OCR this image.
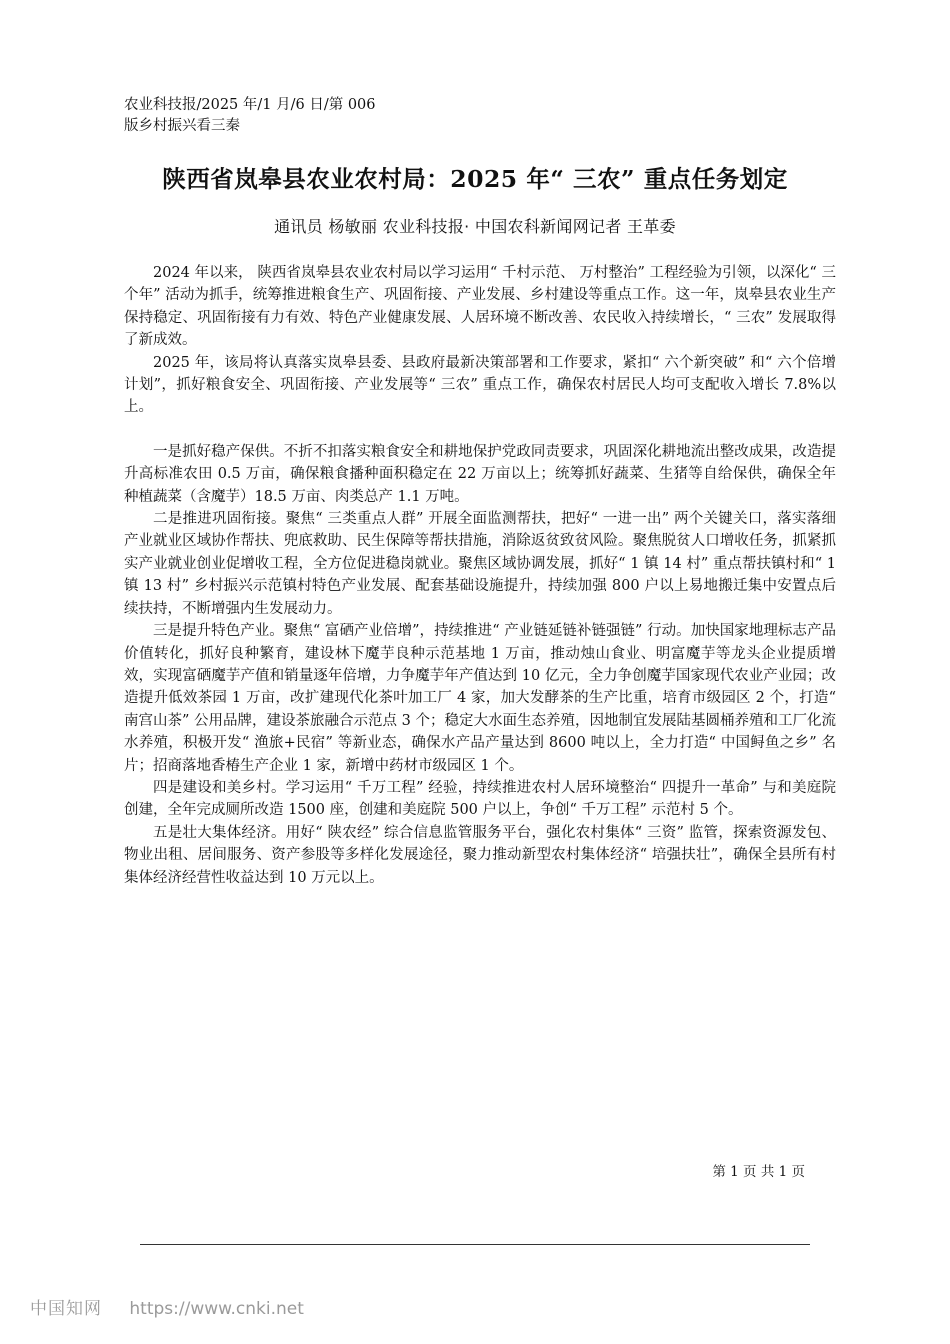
农业科技报/2025 年/1 月/6 日/第 006
版乡村振兴看三秦
陕西省岚皋县农业农村局：2025 年“ 三农” 重点任务划定
通讯员 杨敏丽 农业科技报· 中国农科新闻网记者 王革委

2024 年以来， 陕西省岚皋县农业农村局以学习运用“ 千村示范、 万村整治” 工程经验为引领，以深化“ 三个年” 活动为抓手，统筹推进粮食生产、巩固衔接、产业发展、乡村建设等重点工作。这一年，岚皋县农业生产保持稳定、巩固衔接有力有效、特色产业健康发展、人居环境不断改善、农民收入持续增长，“ 三农” 发展取得了新成效。

2025 年，该局将认真落实岚皋县委、县政府最新决策部署和工作要求，紧扣“ 六个新突破” 和“ 六个倍增计划”，抓好粮食安全、巩固衔接、产业发展等“ 三农” 重点工作，确保农村居民人均可支配收入增长 7.8%以上。

一是抓好稳产保供。不折不扣落实粮食安全和耕地保护党政同责要求，巩固深化耕地流出整改成果，改造提升高标准农田 0.5 万亩，确保粮食播种面积稳定在 22 万亩以上；统筹抓好蔬菜、生猪等自给保供，确保全年种植蔬菜（含魔芋）18.5 万亩、肉类总产 1.1 万吨。

二是推进巩固衔接。聚焦“ 三类重点人群” 开展全面监测帮扶，把好“ 一进一出” 两个关键关口，落实落细产业就业区域协作帮扶、兜底救助、民生保障等帮扶措施，消除返贫致贫风险。聚焦脱贫人口增收任务，抓紧抓实产业就业创业促增收工程，全方位促进稳岗就业。聚焦区域协调发展，抓好“ 1 镇 14 村” 重点帮扶镇村和“ 1 镇 13 村” 乡村振兴示范镇村特色产业发展、配套基础设施提升，持续加强 800 户以上易地搬迁集中安置点后续扶持，不断增强内生发展动力。

三是提升特色产业。聚焦“ 富硒产业倍增”，持续推进“ 产业链延链补链强链” 行动。加快国家地理标志产品价值转化，抓好良种繁育，建设林下魔芋良种示范基地 1 万亩，推动烛山食业、明富魔芋等龙头企业提质增效，实现富硒魔芋产值和销量逐年倍增，力争魔芋年产值达到 10 亿元，全力争创魔芋国家现代农业产业园；改造提升低效茶园 1 万亩，改扩建现代化茶叶加工厂 4 家，加大发酵茶的生产比重，培育市级园区 2 个，打造“ 南宫山茶” 公用品牌，建设茶旅融合示范点 3 个；稳定大水面生态养殖，因地制宜发展陆基圆桶养殖和工厂化流水养殖，积极开发“ 渔旅+民宿” 等新业态，确保水产品产量达到 8600 吨以上，全力打造“ 中国鲟鱼之乡” 名片；招商落地香椿生产企业 1 家，新增中药材市级园区 1 个。

四是建设和美乡村。学习运用“ 千万工程” 经验，持续推进农村人居环境整治“ 四提升一革命” 与和美庭院创建，全年完成厕所改造 1500 座，创建和美庭院 500 户以上，争创“ 千万工程” 示范村 5 个。

五是壮大集体经济。用好“ 陕农经” 综合信息监管服务平台，强化农村集体“ 三资” 监管，探索资源发包、物业出租、居间服务、资产参股等多样化发展途径，聚力推动新型农村集体经济“ 培强扶壮”，确保全县所有村集体经济经营性收益达到 10 万元以上。

第 1 页 共 1 页
中国知网 https://www.cnki.net
